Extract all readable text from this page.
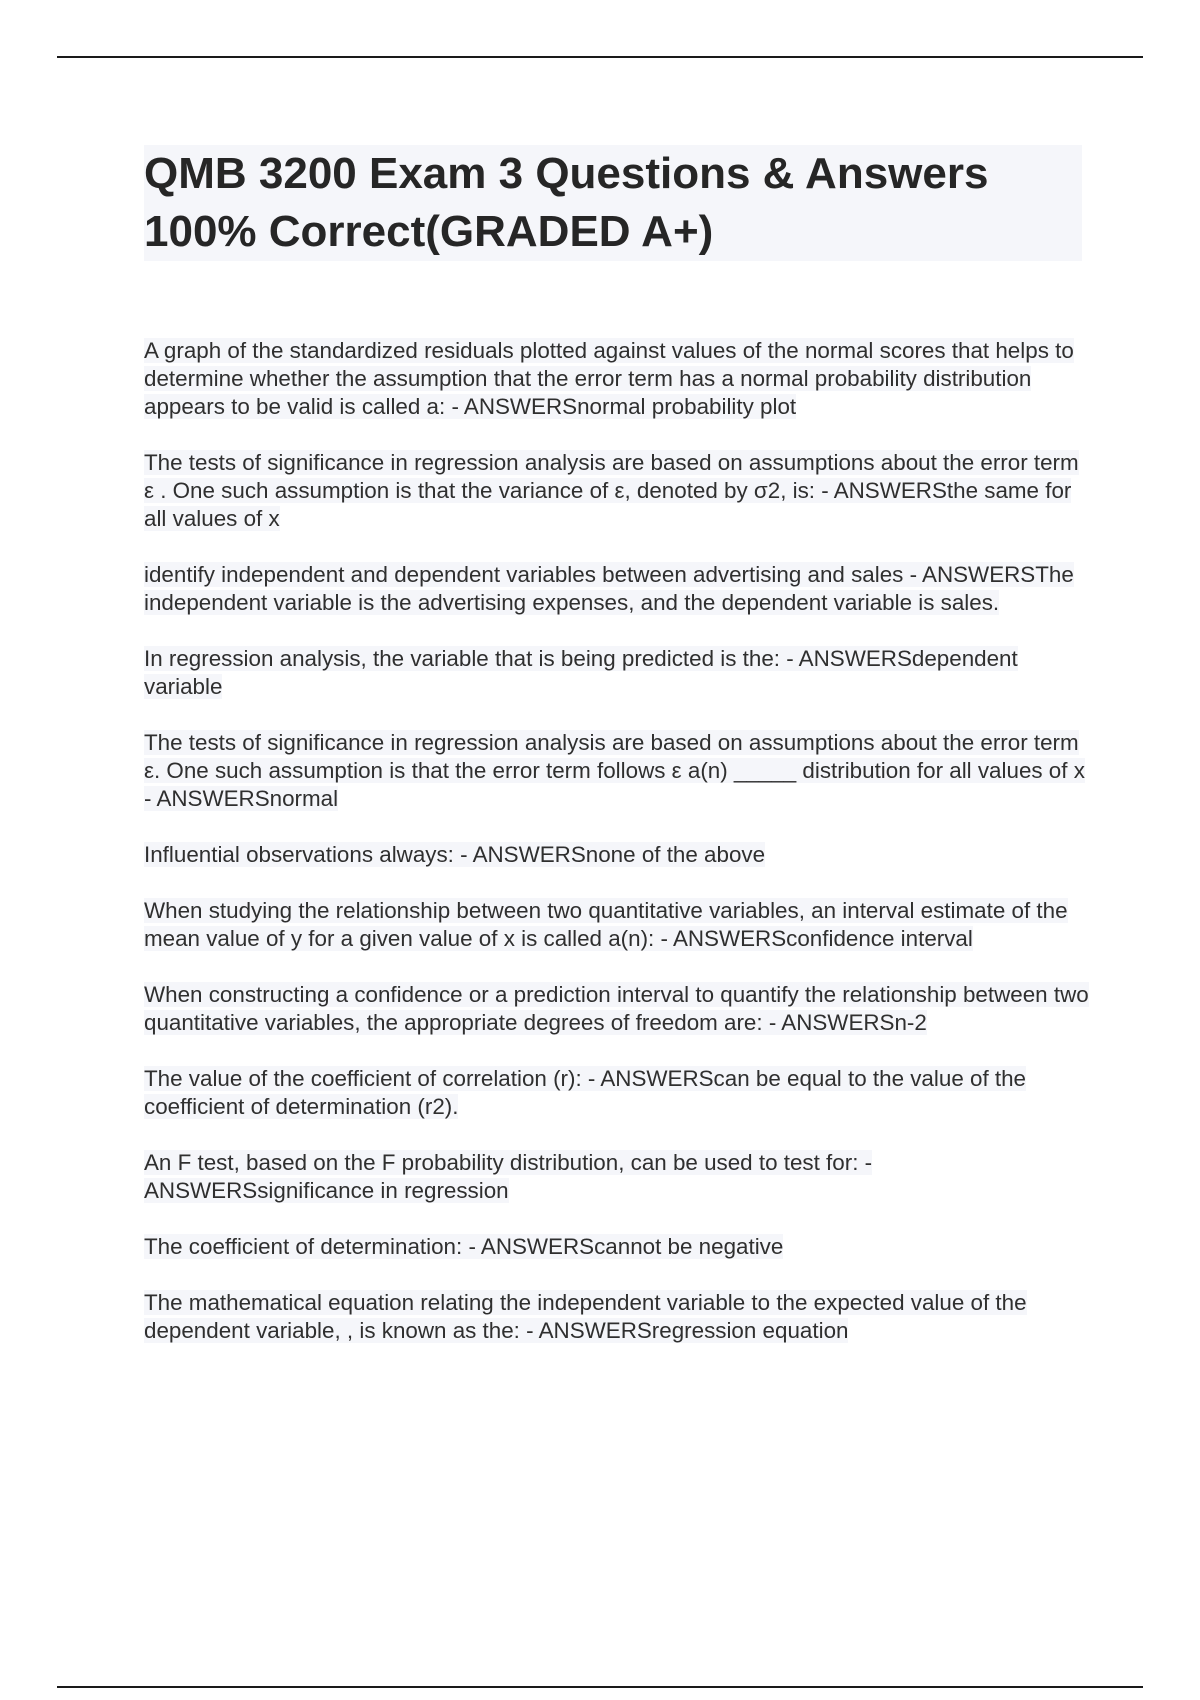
QMB 3200 Exam 3 Questions & Answers 100% Correct(GRADED A+)

A graph of the standardized residuals plotted against values of the normal scores that helps to determine whether the assumption that the error term has a normal probability distribution appears to be valid is called a: - ANSWERSnormal probability plot

The tests of significance in regression analysis are based on assumptions about the error term ε . One such assumption is that the variance of ε, denoted by σ2, is: - ANSWERSthe same for all values of x

identify independent and dependent variables between advertising and sales - ANSWERSThe independent variable is the advertising expenses, and the dependent variable is sales.

In regression analysis, the variable that is being predicted is the: - ANSWERSdependent variable

The tests of significance in regression analysis are based on assumptions about the error term ε. One such assumption is that the error term follows ε a(n) _____ distribution for all values of x - ANSWERSnormal

Influential observations always: - ANSWERSnone of the above

When studying the relationship between two quantitative variables, an interval estimate of the mean value of y for a given value of x is called a(n): - ANSWERSconfidence interval

When constructing a confidence or a prediction interval to quantify the relationship between two quantitative variables, the appropriate degrees of freedom are: - ANSWERSn-2

The value of the coefficient of correlation (r): - ANSWERScan be equal to the value of the coefficient of determination (r2).

An F test, based on the F probability distribution, can be used to test for: - ANSWERSsignificance in regression

The coefficient of determination: - ANSWERScannot be negative

The mathematical equation relating the independent variable to the expected value of the dependent variable, , is known as the: - ANSWERSregression equation
